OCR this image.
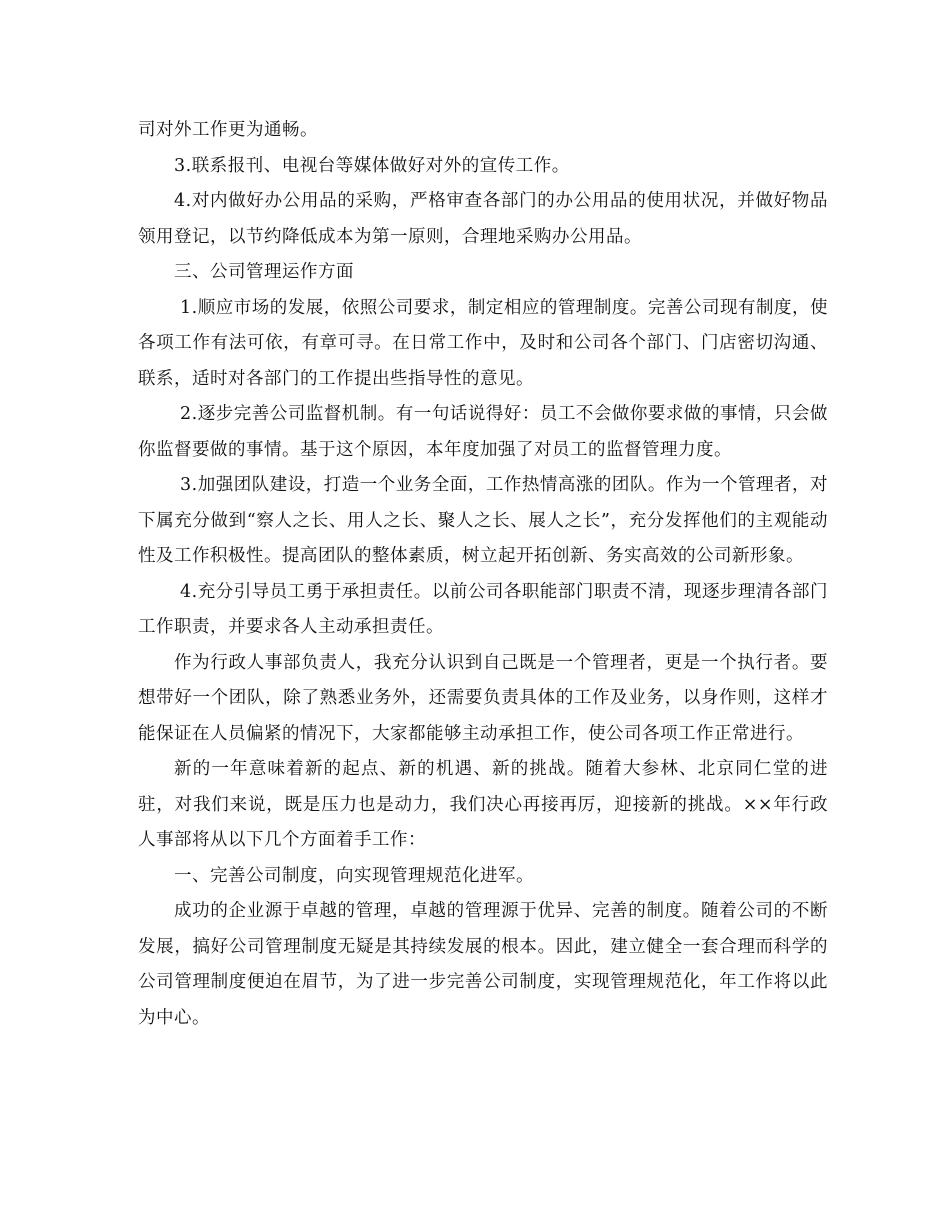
司对外工作更为通畅。

3.联系报刊、电视台等媒体做好对外的宣传工作。

4.对内做好办公用品的采购，严格审查各部门的办公用品的使用状况，并做好物品领用登记，以节约降低成本为第一原则，合理地采购办公用品。

三、公司管理运作方面

1.顺应市场的发展，依照公司要求，制定相应的管理制度。完善公司现有制度，使各项工作有法可依，有章可寻。在日常工作中，及时和公司各个部门、门店密切沟通、联系，适时对各部门的工作提出些指导性的意见。

2.逐步完善公司监督机制。有一句话说得好：员工不会做你要求做的事情，只会做你监督要做的事情。基于这个原因，本年度加强了对员工的监督管理力度。

3.加强团队建设，打造一个业务全面，工作热情高涨的团队。作为一个管理者，对下属充分做到“察人之长、用人之长、聚人之长、展人之长”，充分发挥他们的主观能动性及工作积极性。提高团队的整体素质，树立起开拓创新、务实高效的公司新形象。

4.充分引导员工勇于承担责任。以前公司各职能部门职责不清，现逐步理清各部门工作职责，并要求各人主动承担责任。

作为行政人事部负责人，我充分认识到自己既是一个管理者，更是一个执行者。要想带好一个团队，除了熟悉业务外，还需要负责具体的工作及业务，以身作则，这样才能保证在人员偏紧的情况下，大家都能够主动承担工作，使公司各项工作正常进行。

新的一年意味着新的起点、新的机遇、新的挑战。随着大参林、北京同仁堂的进驻，对我们来说，既是压力也是动力，我们决心再接再厉，迎接新的挑战。××年行政人事部将从以下几个方面着手工作：

一、完善公司制度，向实现管理规范化进军。

成功的企业源于卓越的管理，卓越的管理源于优异、完善的制度。随着公司的不断发展，搞好公司管理制度无疑是其持续发展的根本。因此，建立健全一套合理而科学的公司管理制度便迫在眉节，为了进一步完善公司制度，实现管理规范化，年工作将以此为中心。
